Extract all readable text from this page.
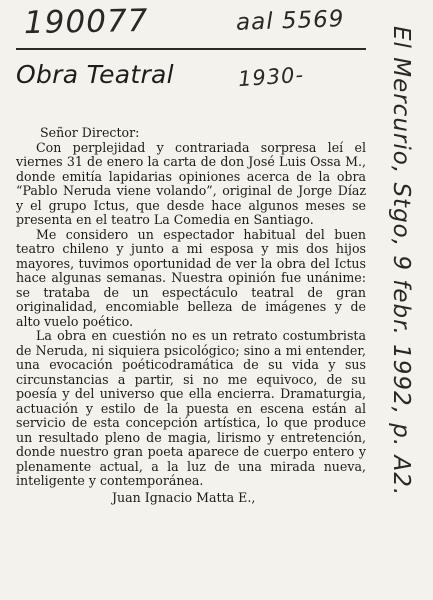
190077	aal 5569
1930-	El Mercurio, Stgo, 9 febr. 1992, p. A2.
Obra Teatral

Señor Director:

Con perplejidad y contrariada sorpresa leí el viernes 31 de enero la carta de don José Luis Ossa M., donde emitía lapidarias opiniones acerca de la obra “Pablo Neruda viene volando”, original de Jorge Díaz y el grupo Ictus, que desde hace algunos meses se presenta en el teatro La Comedia en Santiago.

Me considero un espectador habitual del buen teatro chileno y junto a mi esposa y mis dos hijos mayores, tuvimos oportunidad de ver la obra del Ictus hace algunas semanas. Nuestra opinión fue unánime: se trataba de un espectáculo teatral de gran originalidad, encomiable belleza de imágenes y de alto vuelo poético.

La obra en cuestión no es un retrato costumbrista de Neruda, ni siquiera psicológico; sino a mi entender, una evocación poéticodramática de su vida y sus circunstancias a partir, si no me equivoco, de su poesía y del universo que ella encierra. Dramaturgia, actuación y estilo de la puesta en escena están al servicio de esta concepción artística, lo que produce un resultado pleno de magia, lirismo y entretención, donde nuestro gran poeta aparece de cuerpo entero y plenamente actual, a la luz de una mirada nueva, inteligente y contemporánea.

Juan Ignacio Matta E.,
